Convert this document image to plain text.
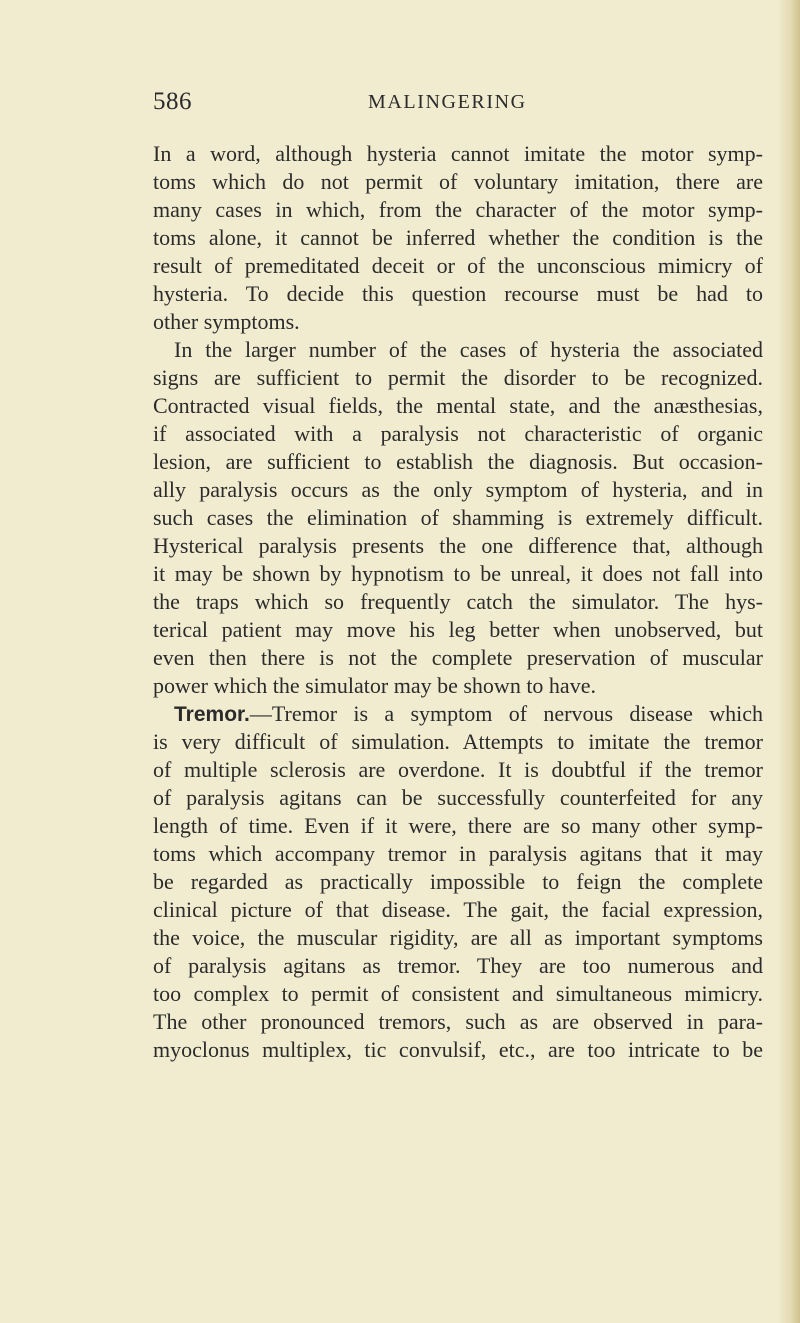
586	MALINGERING
In a word, although hysteria cannot imitate the motor symp-
toms which do not permit of voluntary imitation, there are
many cases in which, from the character of the motor symp-
toms alone, it cannot be inferred whether the condition is the
result of premeditated deceit or of the unconscious mimicry of
hysteria. To decide this question recourse must be had to
other symptoms.
In the larger number of the cases of hysteria the associated
signs are sufficient to permit the disorder to be recognized.
Contracted visual fields, the mental state, and the anæsthesias,
if associated with a paralysis not characteristic of organic
lesion, are sufficient to establish the diagnosis. But occasion-
ally paralysis occurs as the only symptom of hysteria, and in
such cases the elimination of shamming is extremely difficult.
Hysterical paralysis presents the one difference that, although
it may be shown by hypnotism to be unreal, it does not fall into
the traps which so frequently catch the simulator. The hys-
terical patient may move his leg better when unobserved, but
even then there is not the complete preservation of muscular
power which the simulator may be shown to have.
Tremor.—Tremor is a symptom of nervous disease which
is very difficult of simulation. Attempts to imitate the tremor
of multiple sclerosis are overdone. It is doubtful if the tremor
of paralysis agitans can be successfully counterfeited for any
length of time. Even if it were, there are so many other symp-
toms which accompany tremor in paralysis agitans that it may
be regarded as practically impossible to feign the complete
clinical picture of that disease. The gait, the facial expression,
the voice, the muscular rigidity, are all as important symptoms
of paralysis agitans as tremor. They are too numerous and
too complex to permit of consistent and simultaneous mimicry.
The other pronounced tremors, such as are observed in para-
myoclonus multiplex, tic convulsif, etc., are too intricate to be
